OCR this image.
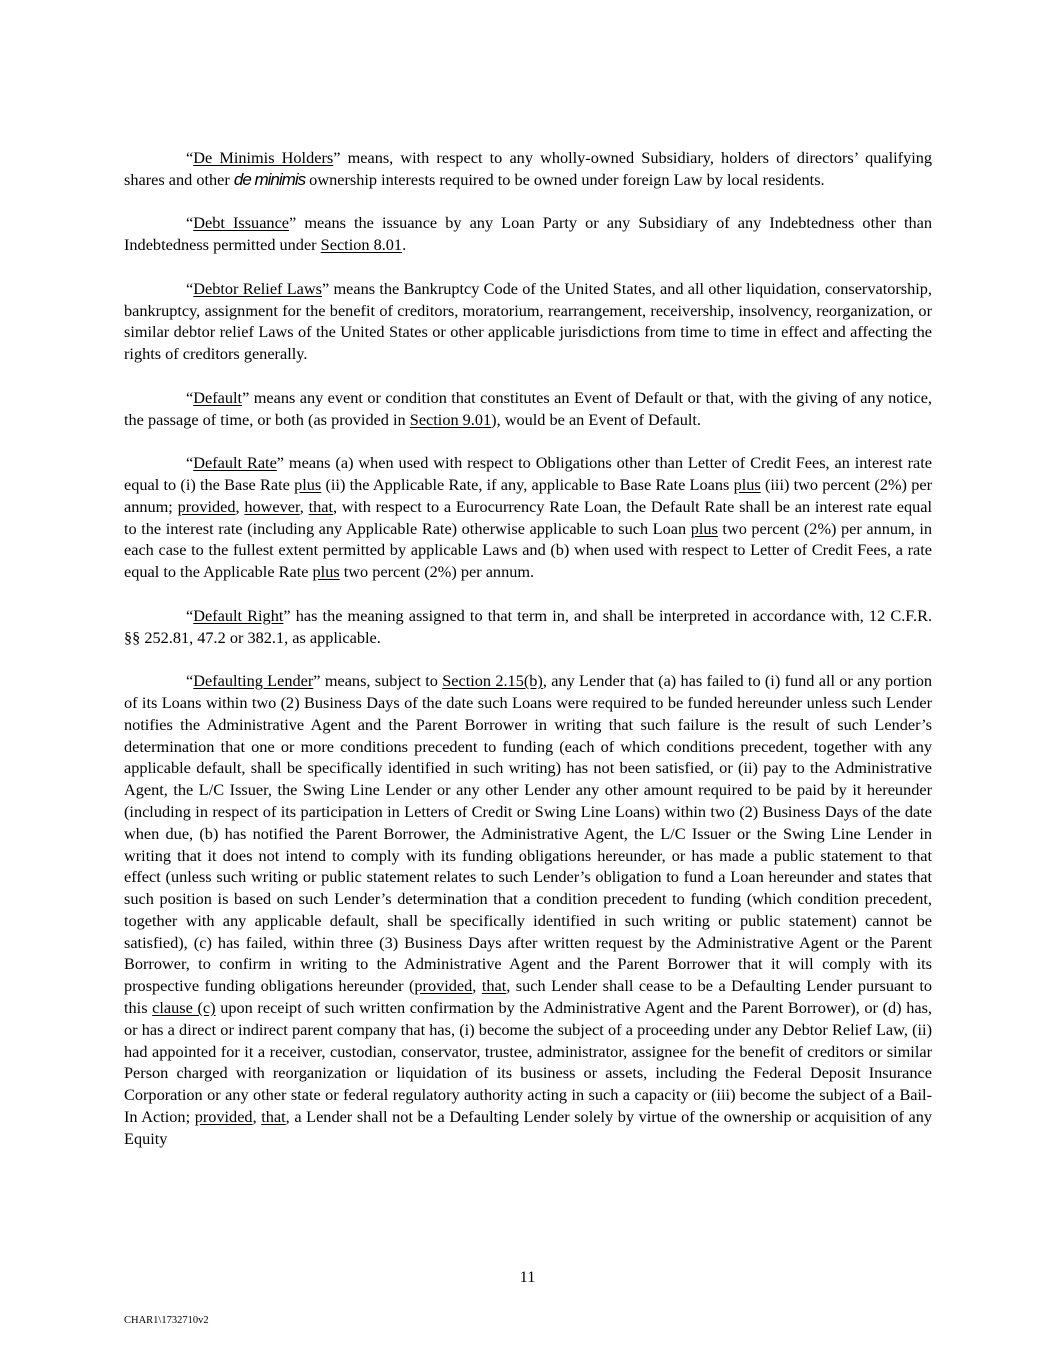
“De Minimis Holders” means, with respect to any wholly-owned Subsidiary, holders of directors’ qualifying shares and other de minimis ownership interests required to be owned under foreign Law by local residents.

“Debt Issuance” means the issuance by any Loan Party or any Subsidiary of any Indebtedness other than Indebtedness permitted under Section 8.01.

“Debtor Relief Laws” means the Bankruptcy Code of the United States, and all other liquidation, conservatorship, bankruptcy, assignment for the benefit of creditors, moratorium, rearrangement, receivership, insolvency, reorganization, or similar debtor relief Laws of the United States or other applicable jurisdictions from time to time in effect and affecting the rights of creditors generally.

“Default” means any event or condition that constitutes an Event of Default or that, with the giving of any notice, the passage of time, or both (as provided in Section 9.01), would be an Event of Default.

“Default Rate” means (a) when used with respect to Obligations other than Letter of Credit Fees, an interest rate equal to (i) the Base Rate plus (ii) the Applicable Rate, if any, applicable to Base Rate Loans plus (iii) two percent (2%) per annum; provided, however, that, with respect to a Eurocurrency Rate Loan, the Default Rate shall be an interest rate equal to the interest rate (including any Applicable Rate) otherwise applicable to such Loan plus two percent (2%) per annum, in each case to the fullest extent permitted by applicable Laws and (b) when used with respect to Letter of Credit Fees, a rate equal to the Applicable Rate plus two percent (2%) per annum.

“Default Right” has the meaning assigned to that term in, and shall be interpreted in accordance with, 12 C.F.R. §§ 252.81, 47.2 or 382.1, as applicable.

“Defaulting Lender” means, subject to Section 2.15(b), any Lender that (a) has failed to (i) fund all or any portion of its Loans within two (2) Business Days of the date such Loans were required to be funded hereunder unless such Lender notifies the Administrative Agent and the Parent Borrower in writing that such failure is the result of such Lender’s determination that one or more conditions precedent to funding (each of which conditions precedent, together with any applicable default, shall be specifically identified in such writing) has not been satisfied, or (ii) pay to the Administrative Agent, the L/C Issuer, the Swing Line Lender or any other Lender any other amount required to be paid by it hereunder (including in respect of its participation in Letters of Credit or Swing Line Loans) within two (2) Business Days of the date when due, (b) has notified the Parent Borrower, the Administrative Agent, the L/C Issuer or the Swing Line Lender in writing that it does not intend to comply with its funding obligations hereunder, or has made a public statement to that effect (unless such writing or public statement relates to such Lender’s obligation to fund a Loan hereunder and states that such position is based on such Lender’s determination that a condition precedent to funding (which condition precedent, together with any applicable default, shall be specifically identified in such writing or public statement) cannot be satisfied), (c) has failed, within three (3) Business Days after written request by the Administrative Agent or the Parent Borrower, to confirm in writing to the Administrative Agent and the Parent Borrower that it will comply with its prospective funding obligations hereunder (provided, that, such Lender shall cease to be a Defaulting Lender pursuant to this clause (c) upon receipt of such written confirmation by the Administrative Agent and the Parent Borrower), or (d) has, or has a direct or indirect parent company that has, (i) become the subject of a proceeding under any Debtor Relief Law, (ii) had appointed for it a receiver, custodian, conservator, trustee, administrator, assignee for the benefit of creditors or similar Person charged with reorganization or liquidation of its business or assets, including the Federal Deposit Insurance Corporation or any other state or federal regulatory authority acting in such a capacity or (iii) become the subject of a Bail-In Action; provided, that, a Lender shall not be a Defaulting Lender solely by virtue of the ownership or acquisition of any Equity

11
CHAR1\1732710v2
